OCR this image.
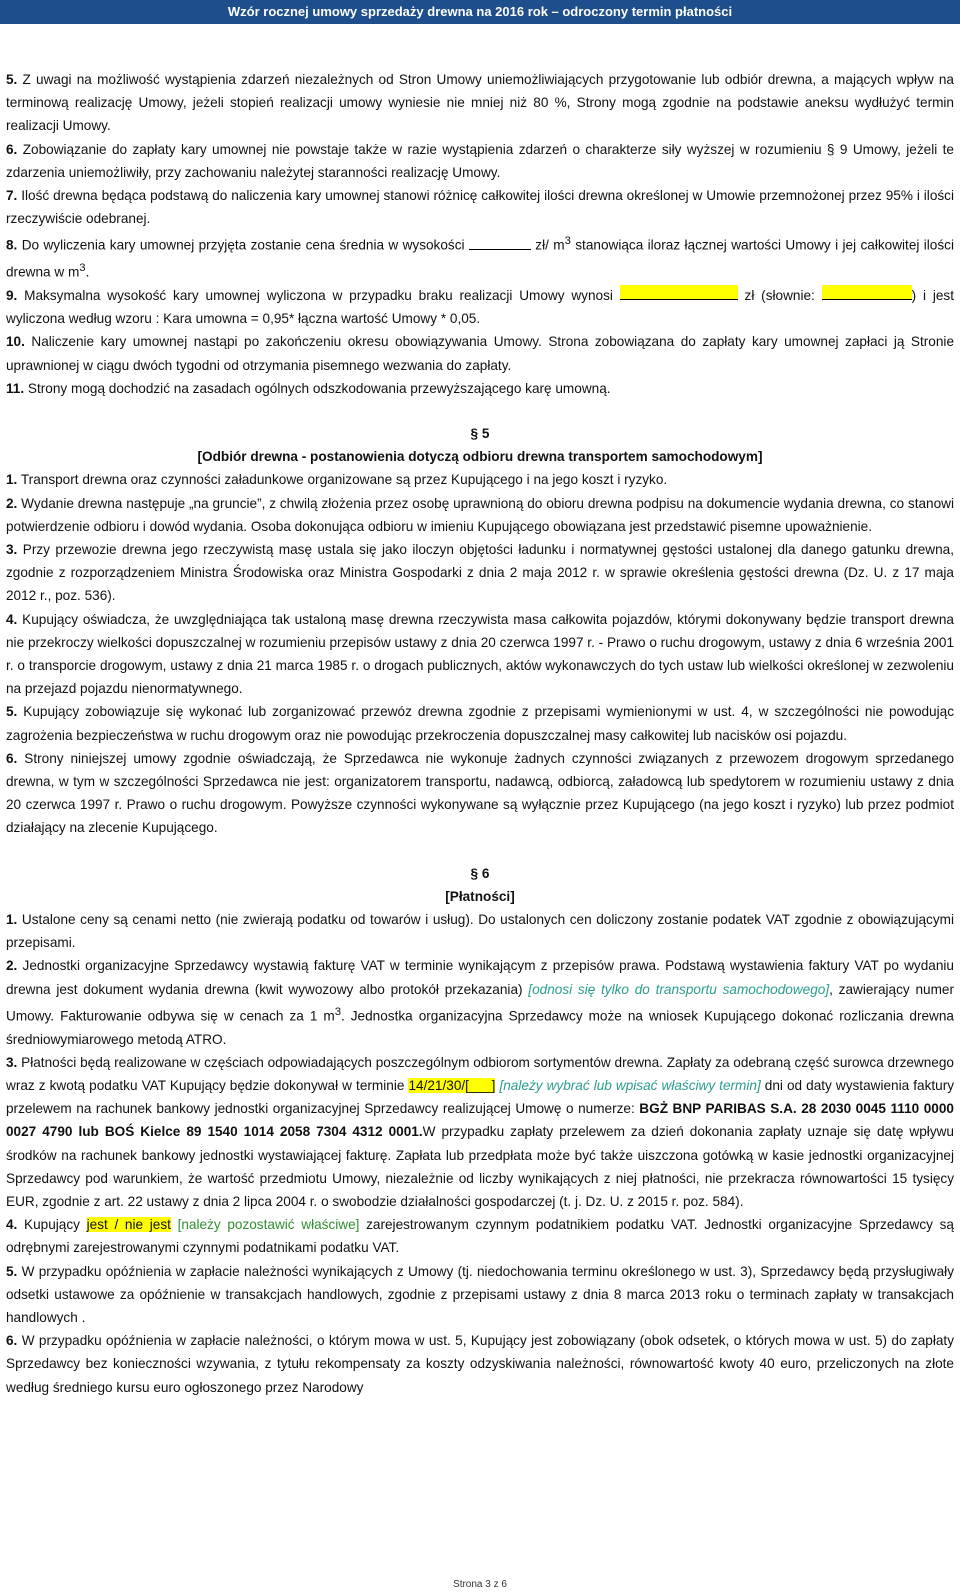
Wzór rocznej umowy sprzedaży drewna na 2016 rok – odroczony termin płatności

5. Z uwagi na możliwość wystąpienia zdarzeń niezależnych od Stron Umowy uniemożliwiających przygotowanie lub odbiór drewna, a mających wpływ na terminową realizację Umowy, jeżeli stopień realizacji umowy wyniesie nie mniej niż 80 %, Strony mogą zgodnie na podstawie aneksu wydłużyć termin realizacji Umowy.

6. Zobowiązanie do zapłaty kary umownej nie powstaje także w razie wystąpienia zdarzeń o charakterze siły wyższej w rozumieniu § 9 Umowy, jeżeli te zdarzenia uniemożliwiły, przy zachowaniu należytej staranności realizację Umowy.

7. Ilość drewna będąca podstawą do naliczenia kary umownej stanowi różnicę całkowitej ilości drewna określonej w Umowie przemnożonej przez 95% i ilości rzeczywiście odebranej.

8. Do wyliczenia kary umownej przyjęta zostanie cena średnia w wysokości	zł/ $m^3$ stanowiąca iloraz łącznej wartości Umowy i jej całkowitej ilości drewna w $m^3$.

9. Maksymalna wysokość kary umownej wyliczona w przypadku braku realizacji Umowy wynosi	zł (słownie:	) i jest wyliczona według wzoru : Kara umowna = 0,95* łączna wartość Umowy * 0,05.

10. Naliczenie kary umownej nastąpi po zakończeniu okresu obowiązywania Umowy. Strona zobowiązana do zapłaty kary umownej zapłaci ją Stronie uprawnionej w ciągu dwóch tygodni od otrzymania pisemnego wezwania do zapłaty.

11. Strony mogą dochodzić na zasadach ogólnych odszkodowania przewyższającego karę umowną.

§ 5

[Odbiór drewna - postanowienia dotyczą odbioru drewna transportem samochodowym]

1. Transport drewna oraz czynności załadunkowe organizowane są przez Kupującego i na jego koszt i ryzyko.

2. Wydanie drewna następuje „na gruncie”, z chwilą złożenia przez osobę uprawnioną do obioru drewna podpisu na dokumencie wydania drewna, co stanowi potwierdzenie odbioru i dowód wydania. Osoba dokonująca odbioru w imieniu Kupującego obowiązana jest przedstawić pisemne upoważnienie.

3. Przy przewozie drewna jego rzeczywistą masę ustala się jako iloczyn objętości ładunku i normatywnej gęstości ustalonej dla danego gatunku drewna, zgodnie z rozporządzeniem Ministra Środowiska oraz Ministra Gospodarki z dnia 2 maja 2012 r. w sprawie określenia gęstości drewna (Dz. U. z 17 maja 2012 r., poz. 536).

4. Kupujący oświadcza, że uwzględniająca tak ustaloną masę drewna rzeczywista masa całkowita pojazdów, którymi dokonywany będzie transport drewna nie przekroczy wielkości dopuszczalnej w rozumieniu przepisów ustawy z dnia 20 czerwca 1997 r. - Prawo o ruchu drogowym, ustawy z dnia 6 września 2001 r. o transporcie drogowym, ustawy z dnia 21 marca 1985 r. o drogach publicznych, aktów wykonawczych do tych ustaw lub wielkości określonej w zezwoleniu na przejazd pojazdu nienormatywnego.

5. Kupujący zobowiązuje się wykonać lub zorganizować przewóz drewna zgodnie z przepisami wymienionymi w ust. 4, w szczególności nie powodując zagrożenia bezpieczeństwa w ruchu drogowym oraz nie powodując przekroczenia dopuszczalnej masy całkowitej lub nacisków osi pojazdu.

6. Strony niniejszej umowy zgodnie oświadczają, że Sprzedawca nie wykonuje żadnych czynności związanych z przewozem drogowym sprzedanego drewna, w tym w szczególności Sprzedawca nie jest: organizatorem transportu, nadawcą, odbiorcą, załadowcą lub spedytorem w rozumieniu ustawy z dnia 20 czerwca 1997 r. Prawo o ruchu drogowym. Powyższe czynności wykonywane są wyłącznie przez Kupującego (na jego koszt i ryzyko) lub przez podmiot działający na zlecenie Kupującego.

§ 6

[Płatności]

1. Ustalone ceny są cenami netto (nie zwierają podatku od towarów i usług). Do ustalonych cen doliczony zostanie podatek VAT zgodnie z obowiązującymi przepisami.

2. Jednostki organizacyjne Sprzedawcy wystawią fakturę VAT w terminie wynikającym z przepisów prawa. Podstawą wystawienia faktury VAT po wydaniu drewna jest dokument wydania drewna (kwit wywozowy albo protokół przekazania) [odnosi się tylko do transportu samochodowego], zawierający numer Umowy. Fakturowanie odbywa się w cenach za 1 $m^3$. Jednostka organizacyjna Sprzedawcy może na wniosek Kupującego dokonać rozliczania drewna średniowymiarowego metodą ATRO.

3. Płatności będą realizowane w częściach odpowiadających poszczególnym odbiorom sortymentów drewna. Zapłaty za odebraną część surowca drzewnego wraz z kwotą podatku VAT Kupujący będzie dokonywał w terminie 14/21/30/[___] [należy wybrać lub wpisać właściwy termin] dni od daty wystawienia faktury przelewem na rachunek bankowy jednostki organizacyjnej Sprzedawcy realizującej Umowę o numerze: BGŻ BNP PARIBAS S.A. 28 2030 0045 1110 0000 0027 4790 lub BOŚ Kielce 89 1540 1014 2058 7304 4312 0001.W przypadku zapłaty przelewem za dzień dokonania zapłaty uznaje się datę wpływu środków na rachunek bankowy jednostki wystawiającej fakturę. Zapłata lub przedpłata może być także uiszczona gotówką w kasie jednostki organizacyjnej Sprzedawcy pod warunkiem, że wartość przedmiotu Umowy, niezależnie od liczby wynikających z niej płatności, nie przekracza równowartości 15 tysięcy EUR, zgodnie z art. 22 ustawy z dnia 2 lipca 2004 r. o swobodzie działalności gospodarczej (t. j. Dz. U. z 2015 r. poz. 584).

4. Kupujący jest / nie jest [należy pozostawić właściwe] zarejestrowanym czynnym podatnikiem podatku VAT. Jednostki organizacyjne Sprzedawcy są odrębnymi zarejestrowanymi czynnymi podatnikami podatku VAT.

5. W przypadku opóźnienia w zapłacie należności wynikających z Umowy (tj. niedochowania terminu określonego w ust. 3), Sprzedawcy będą przysługiwały odsetki ustawowe za opóźnienie w transakcjach handlowych, zgodnie z przepisami ustawy z dnia 8 marca 2013 roku o terminach zapłaty w transakcjach handlowych .

6. W przypadku opóźnienia w zapłacie należności, o którym mowa w ust. 5, Kupujący jest zobowiązany (obok odsetek, o których mowa w ust. 5) do zapłaty Sprzedawcy bez konieczności wzywania, z tytułu rekompensaty za koszty odzyskiwania należności, równowartość kwoty 40 euro, przeliczonych na złote według średniego kursu euro ogłoszonego przez Narodowy

Strona 3 z 6
